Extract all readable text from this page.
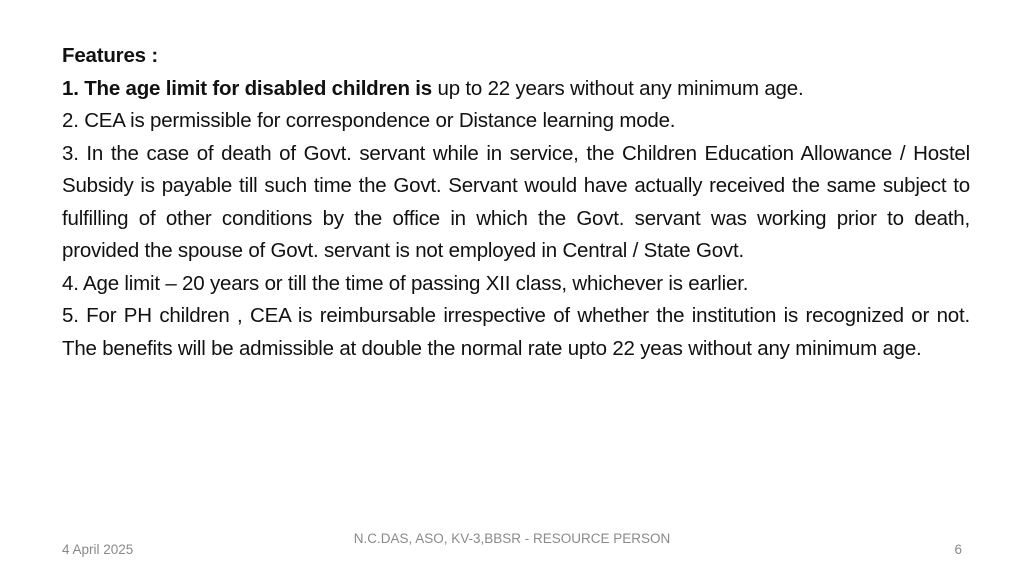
Features :

1. The age limit for disabled children is up to 22 years without any minimum age.

2. CEA is permissible for correspondence or Distance learning mode.

3. In the case of death of Govt. servant while in service, the Children Education Allowance / Hostel Subsidy is payable till such time the Govt. Servant would have actually received the same subject to fulfilling of other conditions by the office in which the Govt. servant was working prior to death, provided the spouse of Govt. servant is not employed in Central / State Govt.

4. Age limit – 20 years or till the time of passing XII class, whichever is earlier.

5. For PH children , CEA is reimbursable irrespective of whether the institution is recognized or not. The benefits will be admissible at double the normal rate upto 22 yeas without any minimum age.

4 April 2025
N.C.DAS, ASO, KV-3,BBSR - RESOURCE PERSON
6
